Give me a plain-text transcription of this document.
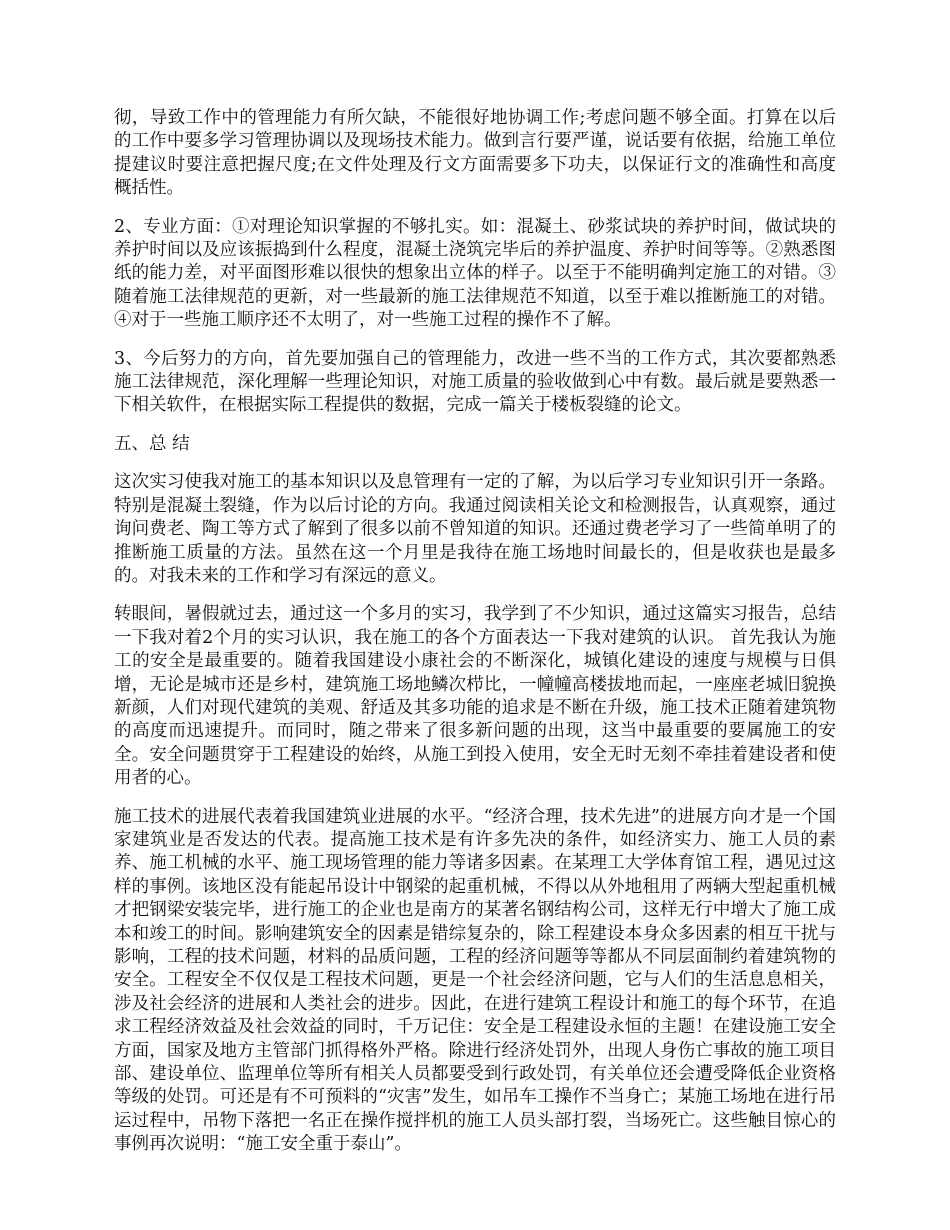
彻，导致工作中的管理能力有所欠缺，不能很好地协调工作;考虑问题不够全面。打算在以后的工作中要多学习管理协调以及现场技术能力。做到言行要严谨，说话要有依据，给施工单位提建议时要注意把握尺度;在文件处理及行文方面需要多下功夫，以保证行文的准确性和高度概括性。

2、专业方面：①对理论知识掌握的不够扎实。如：混凝土、砂浆试块的养护时间，做试块的养护时间以及应该振捣到什么程度，混凝土浇筑完毕后的养护温度、养护时间等等。②熟悉图纸的能力差，对平面图形难以很快的想象出立体的样子。以至于不能明确判定施工的对错。③随着施工法律规范的更新，对一些最新的施工法律规范不知道，以至于难以推断施工的对错。④对于一些施工顺序还不太明了，对一些施工过程的操作不了解。

3、今后努力的方向，首先要加强自己的管理能力，改进一些不当的工作方式，其次要都熟悉施工法律规范，深化理解一些理论知识，对施工质量的验收做到心中有数。最后就是要熟悉一下相关软件，在根据实际工程提供的数据，完成一篇关于楼板裂缝的论文。

五、总 结

这次实习使我对施工的基本知识以及息管理有一定的了解，为以后学习专业知识引开一条路。特别是混凝土裂缝，作为以后讨论的方向。我通过阅读相关论文和检测报告，认真观察，通过询问费老、陶工等方式了解到了很多以前不曾知道的知识。还通过费老学习了一些简单明了的推断施工质量的方法。虽然在这一个月里是我待在施工场地时间最长的，但是收获也是最多的。对我未来的工作和学习有深远的意义。

转眼间，暑假就过去，通过这一个多月的实习，我学到了不少知识，通过这篇实习报告，总结一下我对着2个月的实习认识，我在施工的各个方面表达一下我对建筑的认识。 首先我认为施工的安全是最重要的。随着我国建设小康社会的不断深化，城镇化建设的速度与规模与日俱增，无论是城市还是乡村，建筑施工场地鳞次栉比，一幢幢高楼拔地而起，一座座老城旧貌换新颜，人们对现代建筑的美观、舒适及其多功能的追求是不断在升级，施工技术正随着建筑物的高度而迅速提升。而同时，随之带来了很多新问题的出现，这当中最重要的要属施工的安全。安全问题贯穿于工程建设的始终，从施工到投入使用，安全无时无刻不牵挂着建设者和使用者的心。

施工技术的进展代表着我国建筑业进展的水平。“经济合理，技术先进”的进展方向才是一个国家建筑业是否发达的代表。提高施工技术是有许多先决的条件，如经济实力、施工人员的素养、施工机械的水平、施工现场管理的能力等诸多因素。在某理工大学体育馆工程，遇见过这样的事例。该地区没有能起吊设计中钢梁的起重机械，不得以从外地租用了两辆大型起重机械才把钢梁安装完毕，进行施工的企业也是南方的某著名钢结构公司，这样无行中增大了施工成本和竣工的时间。影响建筑安全的因素是错综复杂的，除工程建设本身众多因素的相互干扰与影响，工程的技术问题，材料的品质问题，工程的经济问题等等都从不同层面制约着建筑物的安全。工程安全不仅仅是工程技术问题，更是一个社会经济问题，它与人们的生活息息相关，涉及社会经济的进展和人类社会的进步。因此，在进行建筑工程设计和施工的每个环节，在追求工程经济效益及社会效益的同时，千万记住：安全是工程建设永恒的主题！在建设施工安全方面，国家及地方主管部门抓得格外严格。除进行经济处罚外，出现人身伤亡事故的施工项目部、建设单位、监理单位等所有相关人员都要受到行政处罚，有关单位还会遭受降低企业资格等级的处罚。可还是有不可预料的“灾害”发生，如吊车工操作不当身亡；某施工场地在进行吊运过程中，吊物下落把一名正在操作搅拌机的施工人员头部打裂，当场死亡。这些触目惊心的事例再次说明：“施工安全重于泰山”。
